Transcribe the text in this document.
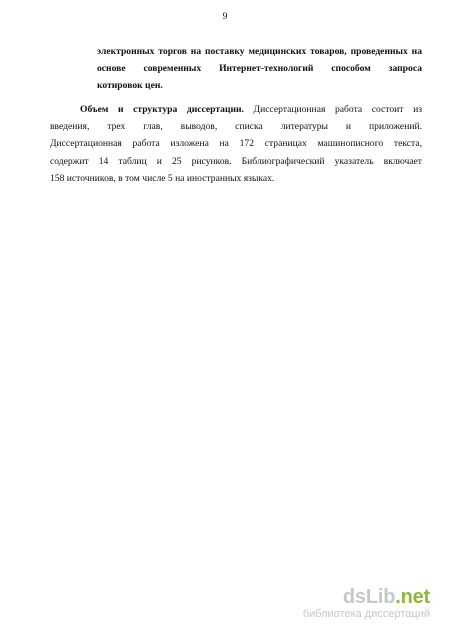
9
электронных торгов на поставку медицинских товаров, проведенных на
основе современных Интернет-технологий способом запроса
котировок цен.
Объем и структура диссертации. Диссертационная работа состоит из
введения, трех глав, выводов, списка литературы и приложений.
Диссертационная работа изложена на 172 страницах машинописного текста,
содержит 14 таблиц и 25 рисунков. Библиографический указатель включает
158 источников, в том числе 5 на иностранных языках.
dsLib.net
библиотека диссертаций
